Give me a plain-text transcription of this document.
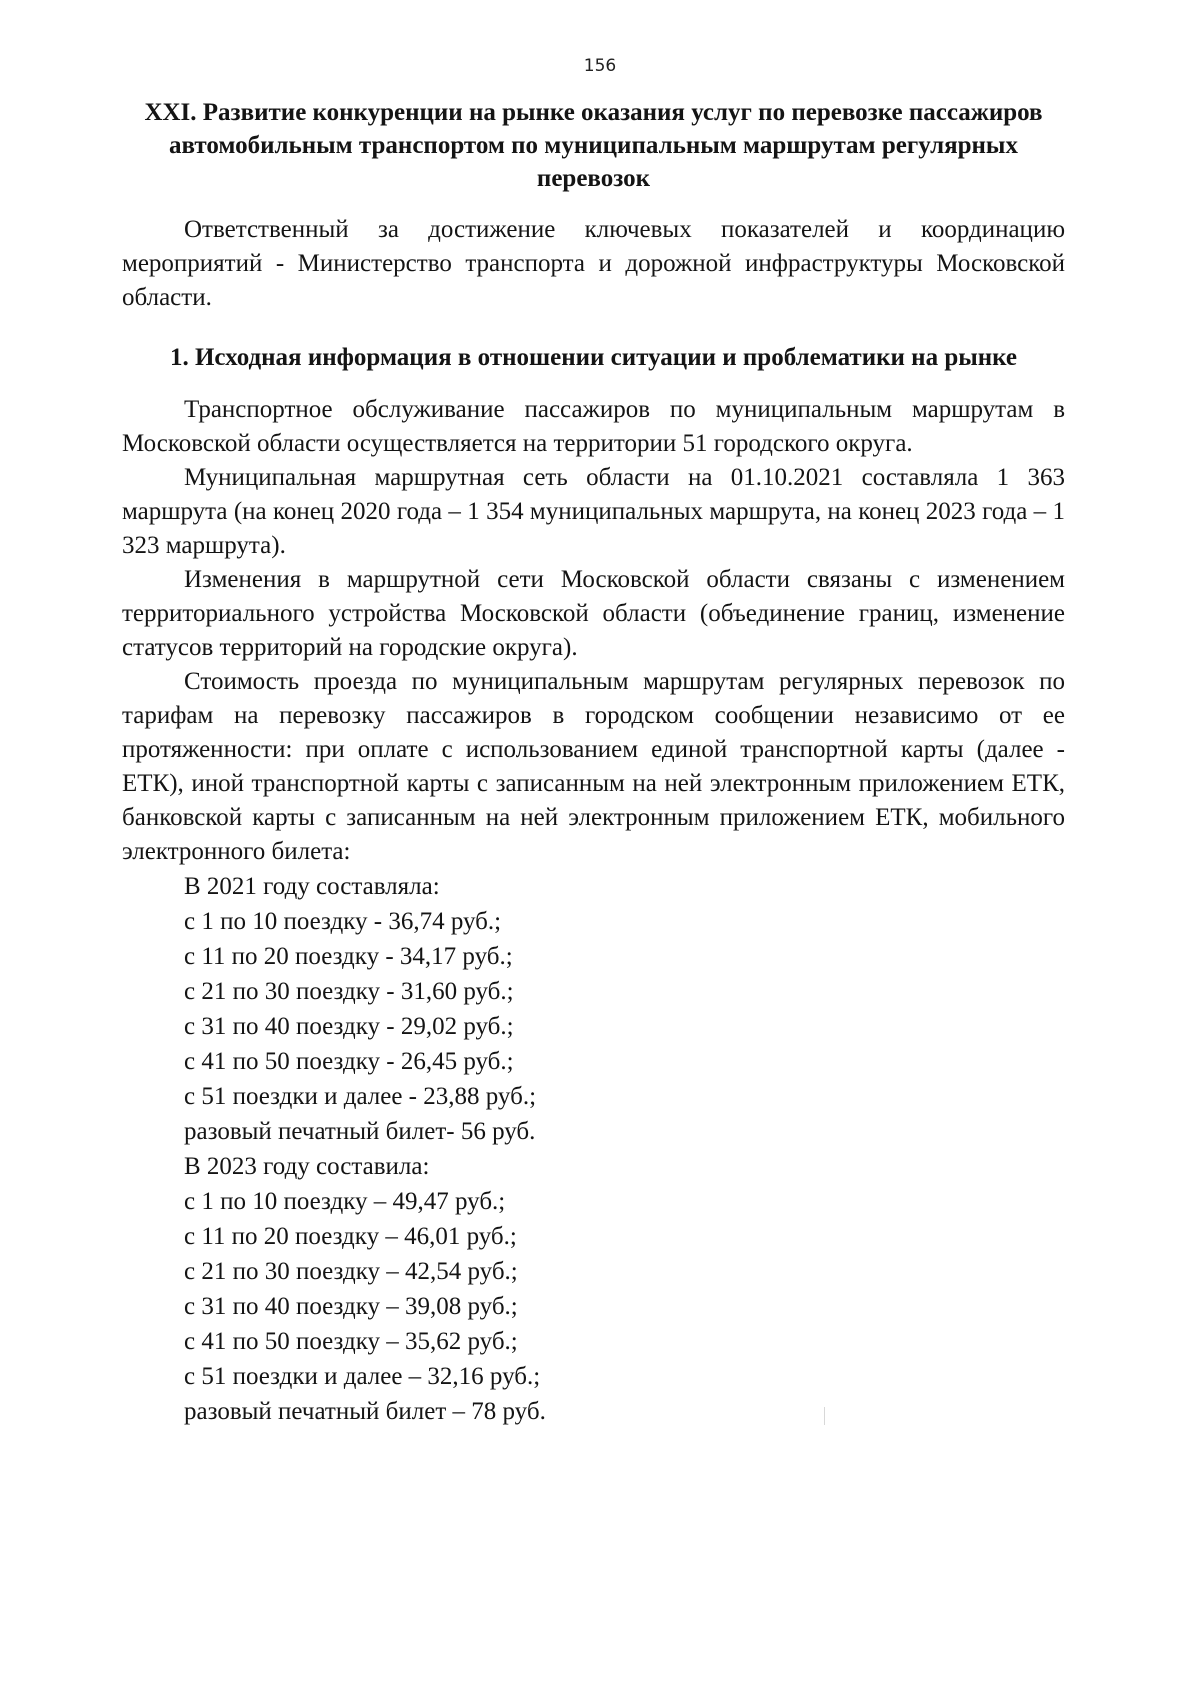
156
XXI. Развитие конкуренции на рынке оказания услуг по перевозке пассажиров
автомобильным транспортом по муниципальным маршрутам регулярных
перевозок

Ответственный за достижение ключевых показателей и координацию мероприятий - Министерство транспорта и дорожной инфраструктуры Московской области.

1. Исходная информация в отношении ситуации и проблематики на рынке

Транспортное обслуживание пассажиров по муниципальным маршрутам в Московской области осуществляется на территории 51 городского округа.

Муниципальная маршрутная сеть области на 01.10.2021 составляла 1 363 маршрута (на конец 2020 года – 1 354 муниципальных маршрута, на конец 2023 года – 1 323 маршрута).

Изменения в маршрутной сети Московской области связаны с изменением территориального устройства Московской области (объединение границ, изменение статусов территорий на городские округа).

Стоимость проезда по муниципальным маршрутам регулярных перевозок по тарифам на перевозку пассажиров в городском сообщении независимо от ее протяженности: при оплате с использованием единой транспортной карты (далее - ЕТК), иной транспортной карты с записанным на ней электронным приложением ЕТК, банковской карты с записанным на ней электронным приложением ЕТК, мобильного электронного билета:

В 2021 году составляла:
с 1 по 10 поездку - 36,74 руб.;
с 11 по 20 поездку - 34,17 руб.;
с 21 по 30 поездку - 31,60 руб.;
с 31 по 40 поездку - 29,02 руб.;
с 41 по 50 поездку - 26,45 руб.;
с 51 поездки и далее - 23,88 руб.;
разовый печатный билет- 56 руб.
В 2023 году составила:
с 1 по 10 поездку – 49,47 руб.;
с 11 по 20 поездку – 46,01 руб.;
с 21 по 30 поездку – 42,54 руб.;
с 31 по 40 поездку – 39,08 руб.;
с 41 по 50 поездку – 35,62 руб.;
с 51 поездки и далее – 32,16 руб.;
разовый печатный билет – 78 руб.
